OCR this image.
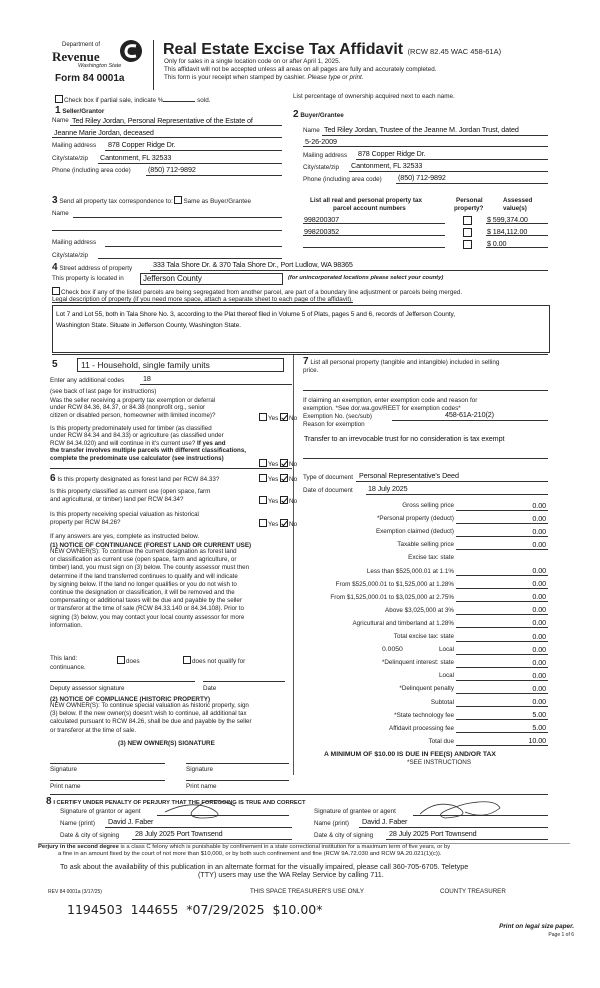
Department of
Revenue
Washington State
Form 84 0001a
Real Estate Excise Tax Affidavit (RCW 82.45 WAC 458-61A)
Only for sales in a single location code on or after April 1, 2025.
This affidavit will not be accepted unless all areas on all pages are fully and accurately completed.
This form is your receipt when stamped by cashier. Please type or print.
Check box if partial sale, indicate %	sold.
List percentage of ownership acquired next to each name.
1 Seller/Grantor
Name Ted Riley Jordan, Personal Representative of the Estate of
Jeanne Marie Jordan, deceased
Mailing address 878 Copper Ridge Dr.
City/state/zip Cantonment, FL 32533
Phone (including area code) (850) 712-9892
2 Buyer/Grantee
Name Ted Riley Jordan, Trustee of the Jeanne M. Jordan Trust, dated
5-26-2009
Mailing address 878 Copper Ridge Dr.
City/state/zip Cantonment, FL 32533
Phone (including area code) (850) 712-9892
3 Send all property tax correspondence to: Same as Buyer/Grantee
Name
Mailing address
City/state/zip
List all real and personal property tax
parcel account numbers
Personal
property?
Assessed
value(s)
998200307	$ 599,374.00
998200352	$ 184,112.00
$ 0.00
4 Street address of property	333 Tala Shore Dr. & 370 Tala Shore Dr., Port Ludlow, WA 98365
This property is located in Jefferson County	(for unincorporated locations please select your county)
Check box if any of the listed parcels are being segregated from another parcel, are part of a boundary line adjustment or parcels being merged.
Legal description of property (if you need more space, attach a separate sheet to each page of the affidavit).
Lot 7 and Lot 55, both in Tala Shore No. 3, according to the Plat thereof filed in Volume 5 of Plats, pages 5 and 6, records of Jefferson County,
Washington State. Situate in Jefferson County, Washington State.
5	11 - Household, single family units
Enter any additional codes	18
(see back of last page for instructions)
Was the seller receiving a property tax exemption or deferral
under RCW 84.36, 84.37, or 84.38 (nonprofit org., senior
citizen or disabled person, homeowner with limited income)?	Yes No
Is this property predominately used for timber (as classified
under RCW 84.34 and 84.33) or agriculture (as classified under
RCW 84.34.020) and will continue in it's current use? If yes and
the transfer involves multiple parcels with different classifications,
complete the predominate use calculator (see instructions)
Yes No
6 Is this property designated as forest land per RCW 84.33?	Yes No
Is this property classified as current use (open space, farm
and agricultural, or timber) land per RCW 84.34?	Yes No
Is this property receiving special valuation as historical
property per RCW 84.26?	Yes No
If any answers are yes, complete as instructed below.
(1) NOTICE OF CONTINUANCE (FOREST LAND OR CURRENT USE)
NEW OWNER(S): To continue the current designation as forest land
or classification as current use (open space, farm and agriculture, or
timber) land, you must sign on (3) below. The county assessor must then
determine if the land transferred continues to qualify and will indicate
by signing below. If the land no longer qualifies or you do not wish to
continue the designation or classification, it will be removed and the
compensating or additional taxes will be due and payable by the seller
or transferor at the time of sale (RCW 84.33.140 or 84.34.108). Prior to
signing (3) below, you may contact your local county assessor for more
information.
This land:	does	does not qualify for
continuance.
Deputy assessor signature	Date
(2) NOTICE OF COMPLIANCE (HISTORIC PROPERTY)
NEW OWNER(S): To continue special valuation as historic property, sign
(3) below. If the new owner(s) doesn't wish to continue, all additional tax
calculated pursuant to RCW 84.26, shall be due and payable by the seller
or transferor at the time of sale.
(3) NEW OWNER(S) SIGNATURE
Signature	Signature
Print name	Print name
7 List all personal property (tangible and intangible) included in selling
price.
If claiming an exemption, enter exemption code and reason for
exemption. *See dor.wa.gov/REET for exemption codes*
Exemption No. (sec/sub)	458-61A-210(2)
Reason for exemption
Transfer to an irrevocable trust for no consideration is tax exempt
Type of document Personal Representative's Deed
Date of document 18 July 2025
Gross selling price	0.00
*Personal property (deduct)	0.00
Exemption claimed (deduct)	0.00
Taxable selling price	0.00
Excise tax: state
Less than $525,000.01 at 1.1%	0.00
From $525,000.01 to $1,525,000 at 1.28%	0.00
From $1,525,000.01 to $3,025,000 at 2.75%	0.00
Above $3,025,000 at 3%	0.00
Agricultural and timberland at 1.28%	0.00
Total excise tax: state	0.00
Local	0.00
0.0050
*Delinquent interest: state	0.00
Local	0.00
*Delinquent penalty	0.00
Subtotal	0.00
*State technology fee	5.00
Affidavit processing fee	5.00
Total due	10.00
A MINIMUM OF $10.00 IS DUE IN FEE(S) AND/OR TAX
*SEE INSTRUCTIONS
8 I CERTIFY UNDER PENALTY OF PERJURY THAT THE FOREGOING IS TRUE AND CORRECT
Signature of grantor or agent
Name (print) David J. Faber
Date & city of signing 28 July 2025 Port Townsend
Signature of grantee or agent
Name (print) David J. Faber
Date & city of signing 28 July 2025 Port Townsend
Perjury in the second degree is a class C felony which is punishable by confinement in a state correctional institution for a maximum term of five years, or by
a fine in an amount fixed by the court of not more than $10,000, or by both such confinement and fine (RCW 9A.72.030 and RCW 9A.20.021(1)(c)).
To ask about the availability of this publication in an alternate format for the visually impaired, please call 360-705-6705. Teletype
(TTY) users may use the WA Relay Service by calling 711.
REV 84 0001a (3/17/25)	THIS SPACE TREASURER'S USE ONLY	COUNTY TREASURER
1194503  144655  *07/29/2025  $10.00*
Print on legal size paper.
Page 1 of 6
